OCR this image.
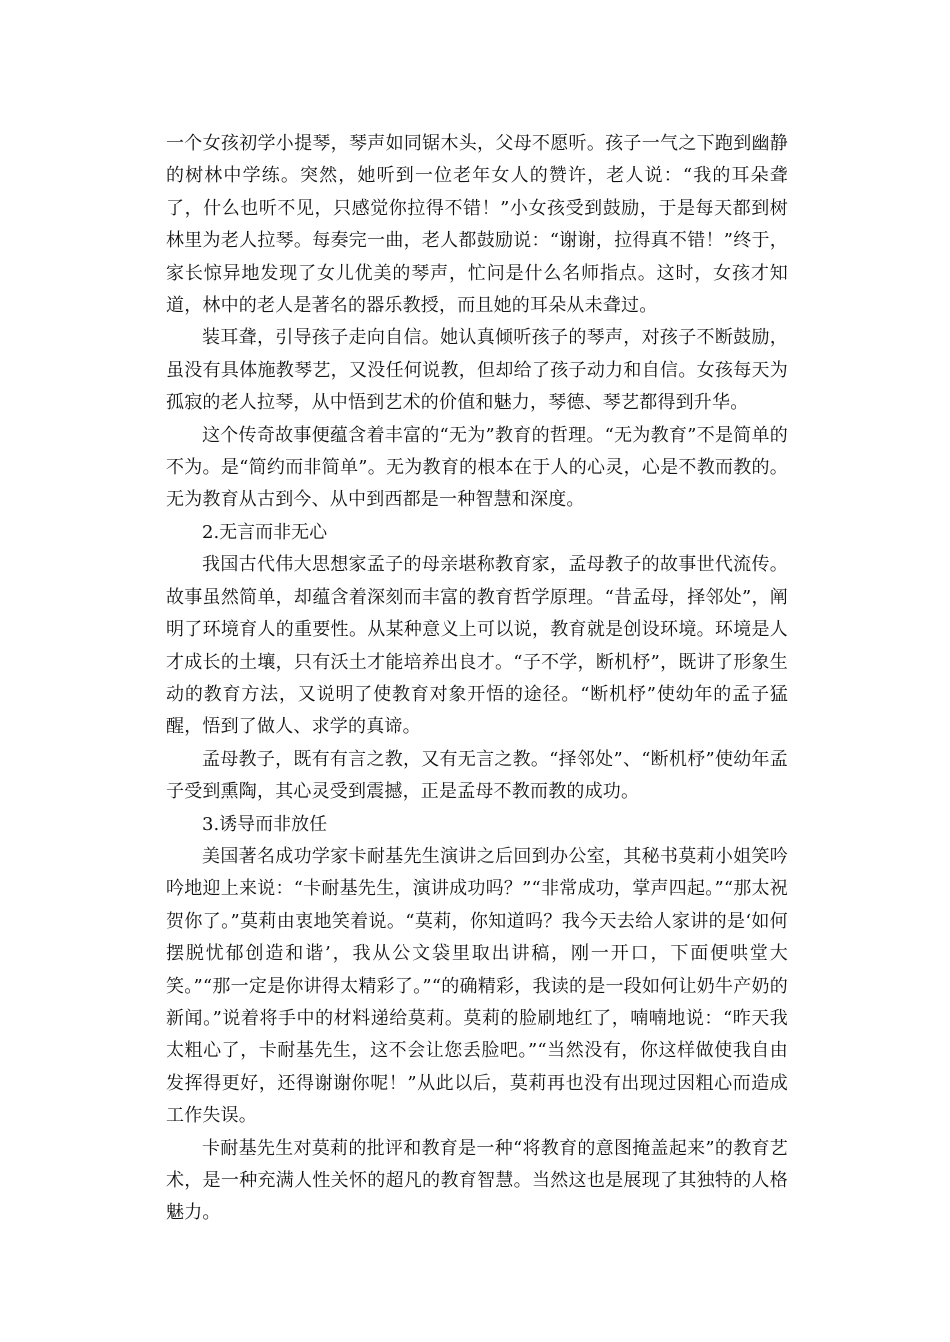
一个女孩初学小提琴，琴声如同锯木头，父母不愿听。孩子一气之下跑到幽静的树林中学练。突然，她听到一位老年女人的赞许，老人说：“我的耳朵聋了，什么也听不见，只感觉你拉得不错！”小女孩受到鼓励，于是每天都到树林里为老人拉琴。每奏完一曲，老人都鼓励说：“谢谢，拉得真不错！”终于，家长惊异地发现了女儿优美的琴声，忙问是什么名师指点。这时，女孩才知道，林中的老人是著名的器乐教授，而且她的耳朵从未聋过。

装耳聋，引导孩子走向自信。她认真倾听孩子的琴声，对孩子不断鼓励，虽没有具体施教琴艺，又没任何说教，但却给了孩子动力和自信。女孩每天为孤寂的老人拉琴，从中悟到艺术的价值和魅力，琴德、琴艺都得到升华。

这个传奇故事便蕴含着丰富的“无为”教育的哲理。“无为教育”不是简单的不为。是“简约而非简单”。无为教育的根本在于人的心灵，心是不教而教的。无为教育从古到今、从中到西都是一种智慧和深度。

2.无言而非无心

我国古代伟大思想家孟子的母亲堪称教育家，孟母教子的故事世代流传。故事虽然简单，却蕴含着深刻而丰富的教育哲学原理。“昔孟母，择邻处”，阐明了环境育人的重要性。从某种意义上可以说，教育就是创设环境。环境是人才成长的土壤，只有沃土才能培养出良才。“子不学，断机杼”，既讲了形象生动的教育方法，又说明了使教育对象开悟的途径。“断机杼”使幼年的孟子猛醒，悟到了做人、求学的真谛。

孟母教子，既有有言之教，又有无言之教。“择邻处”、“断机杼”使幼年孟子受到熏陶，其心灵受到震撼，正是孟母不教而教的成功。

3.诱导而非放任

美国著名成功学家卡耐基先生演讲之后回到办公室，其秘书莫莉小姐笑吟吟地迎上来说：“卡耐基先生，演讲成功吗？”“非常成功，掌声四起。”“那太祝贺你了。”莫莉由衷地笑着说。“莫莉，你知道吗？我今天去给人家讲的是‘如何摆脱忧郁创造和谐’，我从公文袋里取出讲稿，刚一开口，下面便哄堂大笑。”“那一定是你讲得太精彩了。”“的确精彩，我读的是一段如何让奶牛产奶的新闻。”说着将手中的材料递给莫莉。莫莉的脸刷地红了，喃喃地说：“昨天我太粗心了，卡耐基先生，这不会让您丢脸吧。”“当然没有，你这样做使我自由发挥得更好，还得谢谢你呢！”从此以后，莫莉再也没有出现过因粗心而造成工作失误。

卡耐基先生对莫莉的批评和教育是一种“将教育的意图掩盖起来”的教育艺术，是一种充满人性关怀的超凡的教育智慧。当然这也是展现了其独特的人格魅力。
